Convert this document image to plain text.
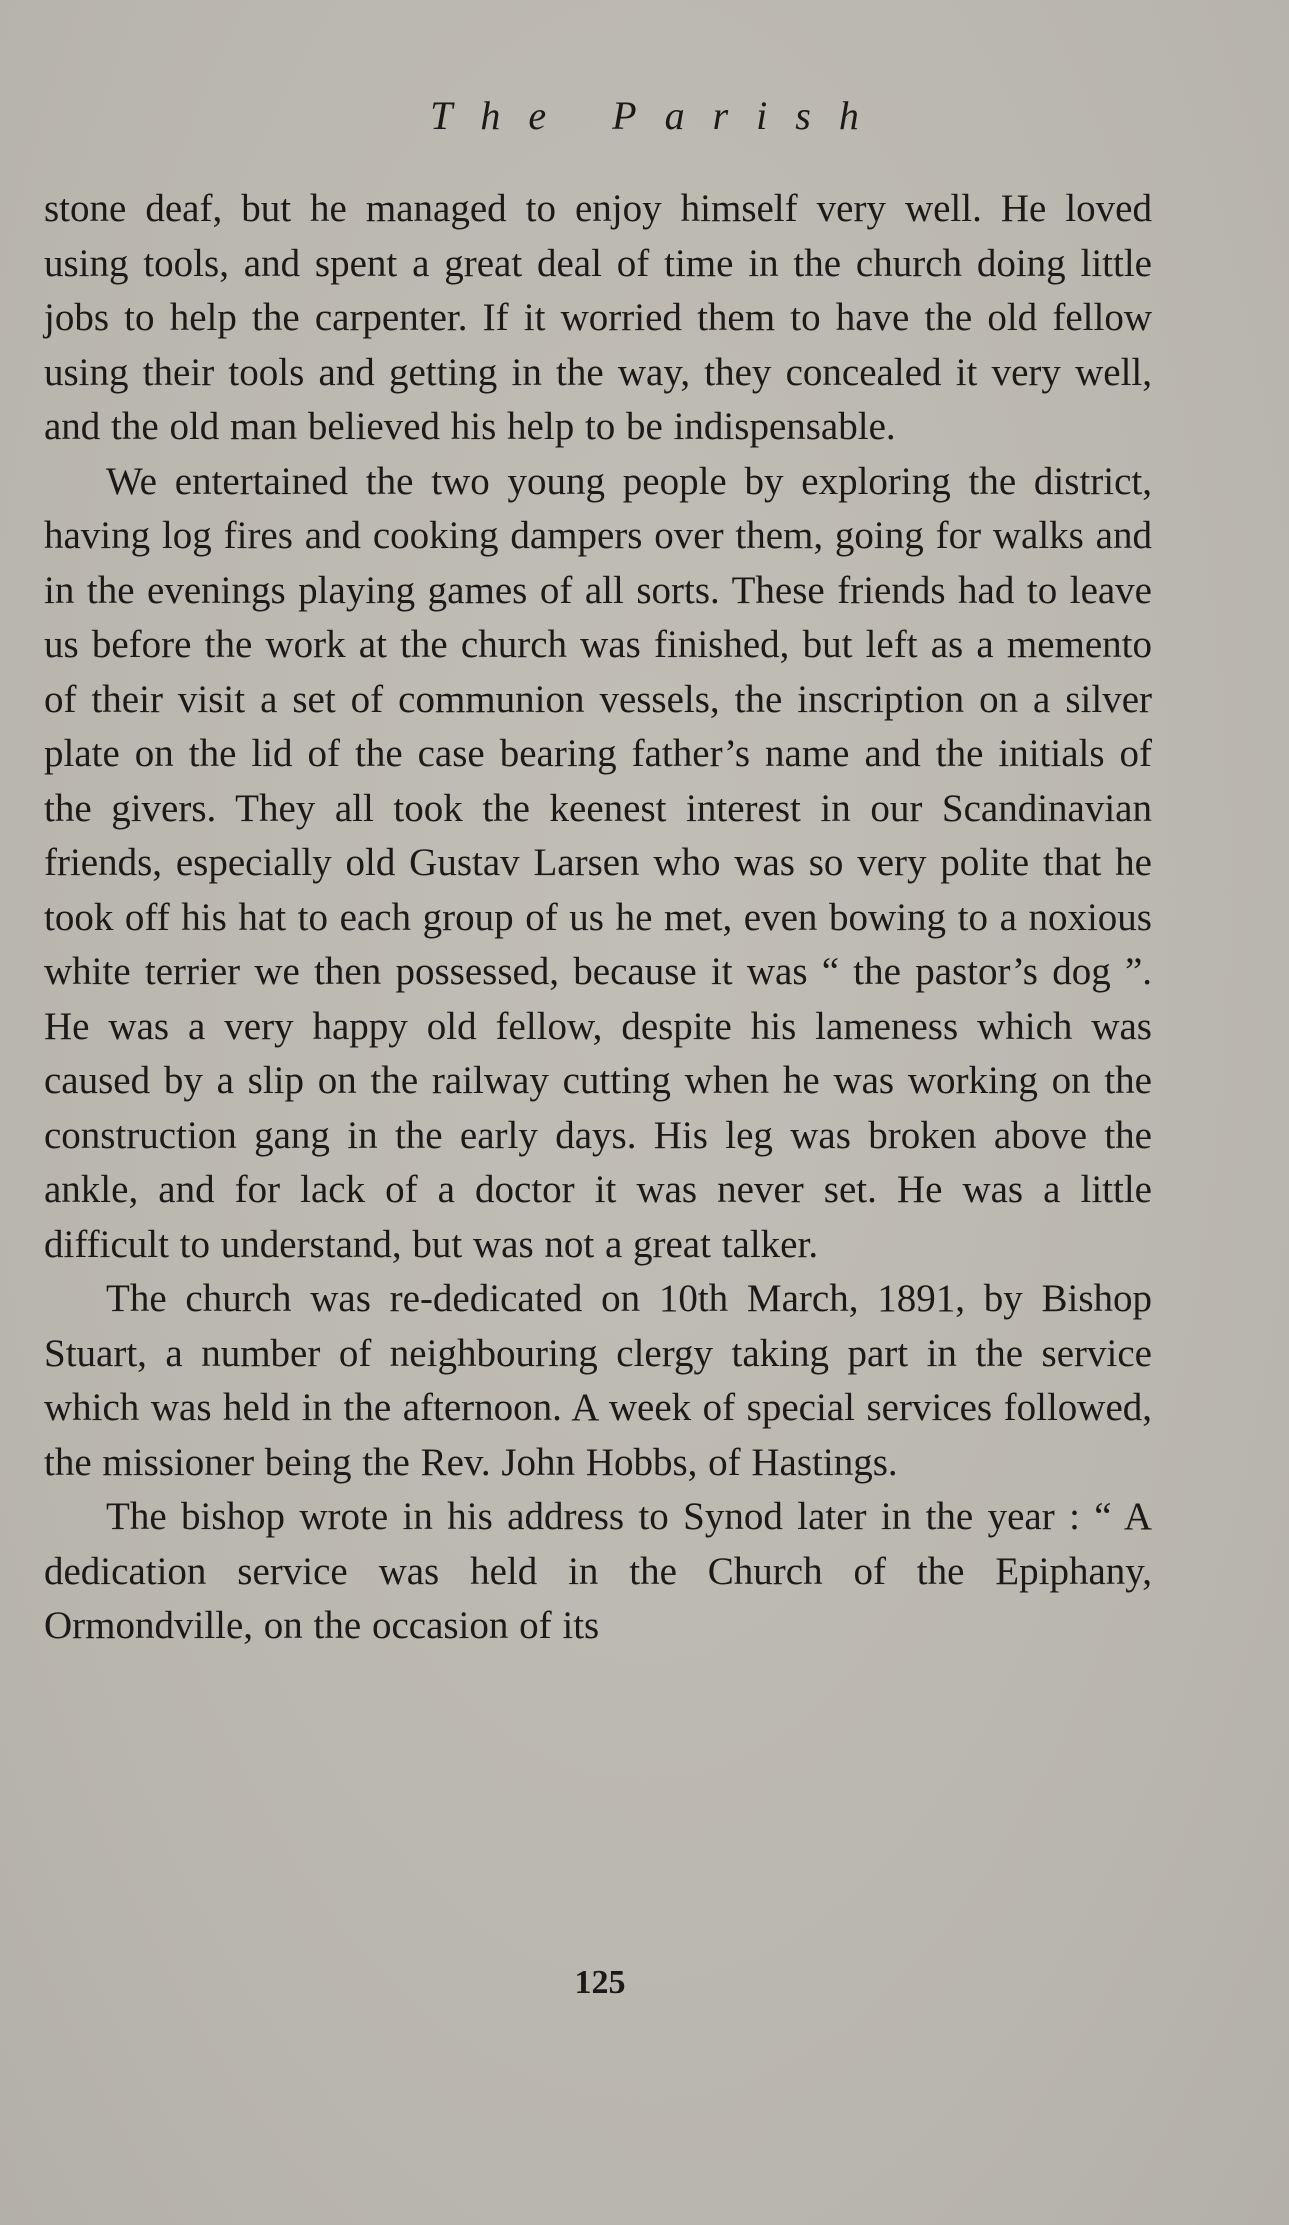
The Parish

stone deaf, but he managed to enjoy himself very well. He loved using tools, and spent a great deal of time in the church doing little jobs to help the carpenter. If it worried them to have the old fellow using their tools and getting in the way, they concealed it very well, and the old man believed his help to be indispensable.

We entertained the two young people by exploring the district, having log fires and cooking dampers over them, going for walks and in the evenings playing games of all sorts. These friends had to leave us before the work at the church was finished, but left as a memento of their visit a set of communion vessels, the inscription on a silver plate on the lid of the case bearing father’s name and the initials of the givers. They all took the keenest interest in our Scandinavian friends, especially old Gustav Larsen who was so very polite that he took off his hat to each group of us he met, even bowing to a noxious white terrier we then possessed, because it was “ the pastor’s dog ”. He was a very happy old fellow, despite his lameness which was caused by a slip on the railway cutting when he was working on the construction gang in the early days. His leg was broken above the ankle, and for lack of a doctor it was never set. He was a little difficult to understand, but was not a great talker.

The church was re-dedicated on 10th March, 1891, by Bishop Stuart, a number of neighbouring clergy taking part in the service which was held in the afternoon. A week of special services followed, the missioner being the Rev. John Hobbs, of Hastings.

The bishop wrote in his address to Synod later in the year : “ A dedication service was held in the Church of the Epiphany, Ormondville, on the occasion of its

125
